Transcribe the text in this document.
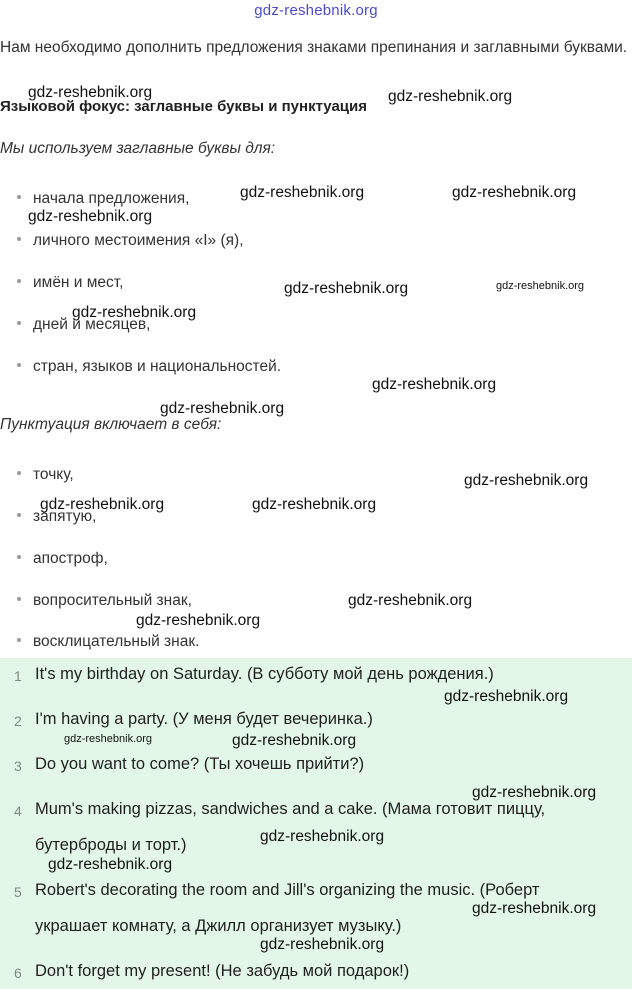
gdz-reshebnik.org
Нам необходимо дополнить предложения знаками препинания и заглавными буквами.
Языковой фокус: заглавные буквы и пунктуация
Мы используем заглавные буквы для:
начала предложения,
личного местоимения «I» (я),
имён и мест,
дней и месяцев,
стран, языков и национальностей.
Пунктуация включает в себя:
точку,
запятую,
апостроф,
вопросительный знак,
восклицательный знак.
1 It's my birthday on Saturday. (В субботу мой день рождения.)
2 I'm having a party. (У меня будет вечеринка.)
3 Do you want to come? (Ты хочешь прийти?)
4 Mum's making pizzas, sandwiches and a cake. (Мама готовит пиццу,
бутерброды и торт.)
5 Robert's decorating the room and Jill's organizing the music. (Роберт
украшает комнату, а Джилл организует музыку.)
6 Don't forget my present! (Не забудь мой подарок!)
gdz-reshebnik.org	gdz-reshebnik.org
gdz-reshebnik.org	gdz-reshebnik.org
gdz-reshebnik.org
gdz-reshebnik.org	gdz-reshebnik.org
gdz-reshebnik.org
gdz-reshebnik.org
gdz-reshebnik.org
gdz-reshebnik.org
gdz-reshebnik.org	gdz-reshebnik.org
gdz-reshebnik.org
gdz-reshebnik.org
gdz-reshebnik.org
gdz-reshebnik.org	gdz-reshebnik.org
gdz-reshebnik.org
gdz-reshebnik.org
gdz-reshebnik.org
gdz-reshebnik.org
gdz-reshebnik.org
